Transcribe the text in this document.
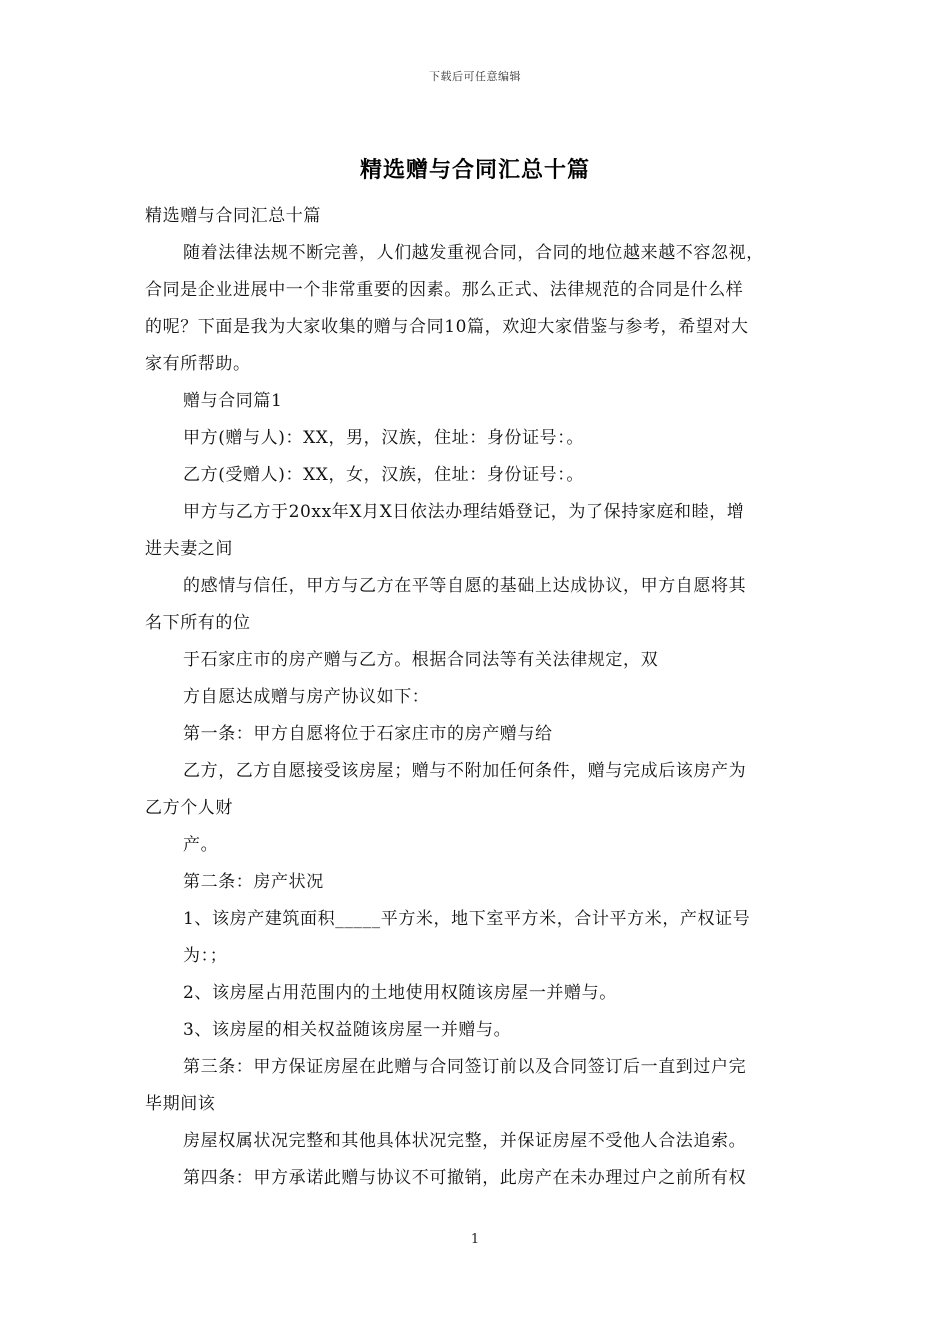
下载后可任意编辑
精选赠与合同汇总十篇
精选赠与合同汇总十篇
随着法律法规不断完善，人们越发重视合同，合同的地位越来越不容忽视，
合同是企业进展中一个非常重要的因素。那么正式、法律规范的合同是什么样
的呢？下面是我为大家收集的赠与合同10篇，欢迎大家借鉴与参考，希望对大
家有所帮助。
赠与合同篇1
甲方(赠与人)：XX，男，汉族，住址：身份证号：。
乙方(受赠人)：XX，女，汉族，住址：身份证号：。
甲方与乙方于20xx年X月X日依法办理结婚登记，为了保持家庭和睦，增
进夫妻之间
的感情与信任，甲方与乙方在平等自愿的基础上达成协议，甲方自愿将其
名下所有的位
于石家庄市的房产赠与乙方。根据合同法等有关法律规定，双
方自愿达成赠与房产协议如下：
第一条：甲方自愿将位于石家庄市的房产赠与给
乙方，乙方自愿接受该房屋；赠与不附加任何条件，赠与完成后该房产为
乙方个人财
产。
第二条：房产状况
1、该房产建筑面积_____平方米，地下室平方米，合计平方米，产权证号
为：；
2、该房屋占用范围内的土地使用权随该房屋一并赠与。
3、该房屋的相关权益随该房屋一并赠与。
第三条：甲方保证房屋在此赠与合同签订前以及合同签订后一直到过户完
毕期间该
房屋权属状况完整和其他具体状况完整，并保证房屋不受他人合法追索。
第四条：甲方承诺此赠与协议不可撤销，此房产在未办理过户之前所有权
1
